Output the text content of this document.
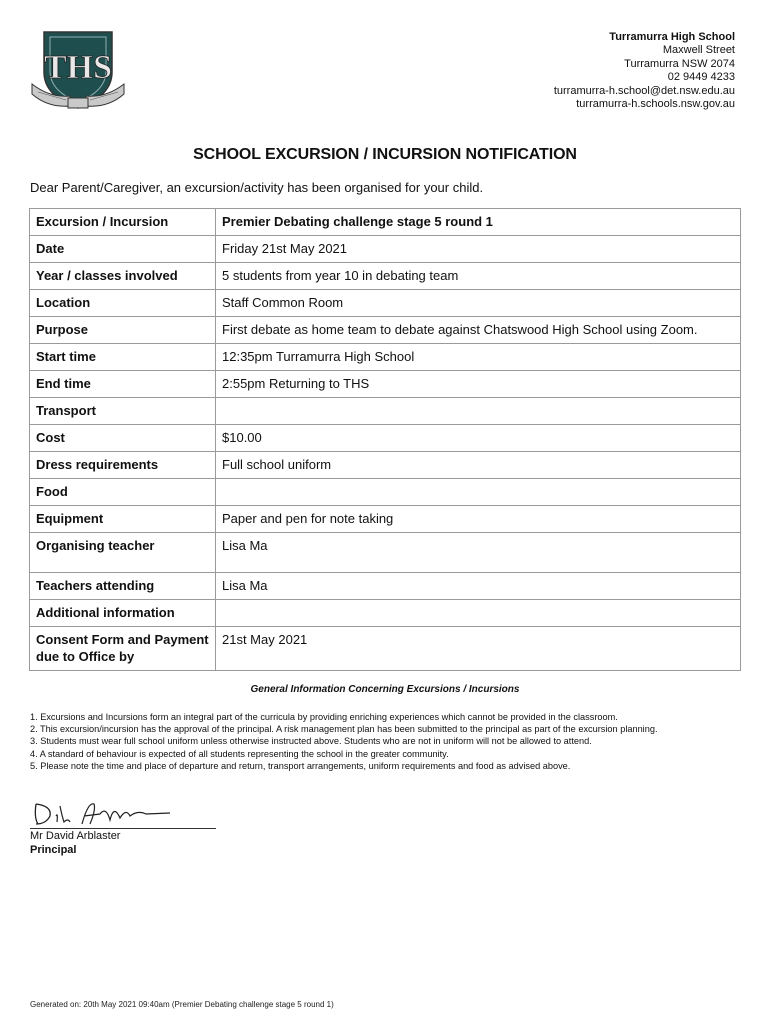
THS
Turramurra High School
Maxwell Street
Turramurra NSW 2074
02 9449 4233
turramurra-h.school@det.nsw.edu.au
turramurra-h.schools.nsw.gov.au
SCHOOL EXCURSION / INCURSION NOTIFICATION

Dear Parent/Caregiver, an excursion/activity has been organised for your child.

Excursion / Incursion	Premier Debating challenge stage 5 round 1
Date	Friday 21st May 2021
Year / classes involved	5 students from year 10 in debating team
Location	Staff Common Room
Purpose	First debate as home team to debate against Chatswood High School using Zoom.
Start time	12:35pm Turramurra High School
End time	2:55pm Returning to THS
Transport	
Cost	$10.00
Dress requirements	Full school uniform
Food	
Equipment	Paper and pen for note taking
Organising teacher	Lisa Ma
Teachers attending	Lisa Ma
Additional information	
Consent Form and Payment due to Office by	21st May 2021
General Information Concerning Excursions / Incursions
1. Excursions and Incursions form an integral part of the curricula by providing enriching experiences which cannot be provided in the classroom.
2. This excursion/incursion has the approval of the principal. A risk management plan has been submitted to the principal as part of the excursion planning.
3. Students must wear full school uniform unless otherwise instructed above. Students who are not in uniform will not be allowed to attend.
4. A standard of behaviour is expected of all students representing the school in the greater community.
5. Please note the time and place of departure and return, transport arrangements, uniform requirements and food as advised above.
Mr David Arblaster
Principal
Generated on: 20th May 2021 09:40am (Premier Debating challenge stage 5 round 1)
